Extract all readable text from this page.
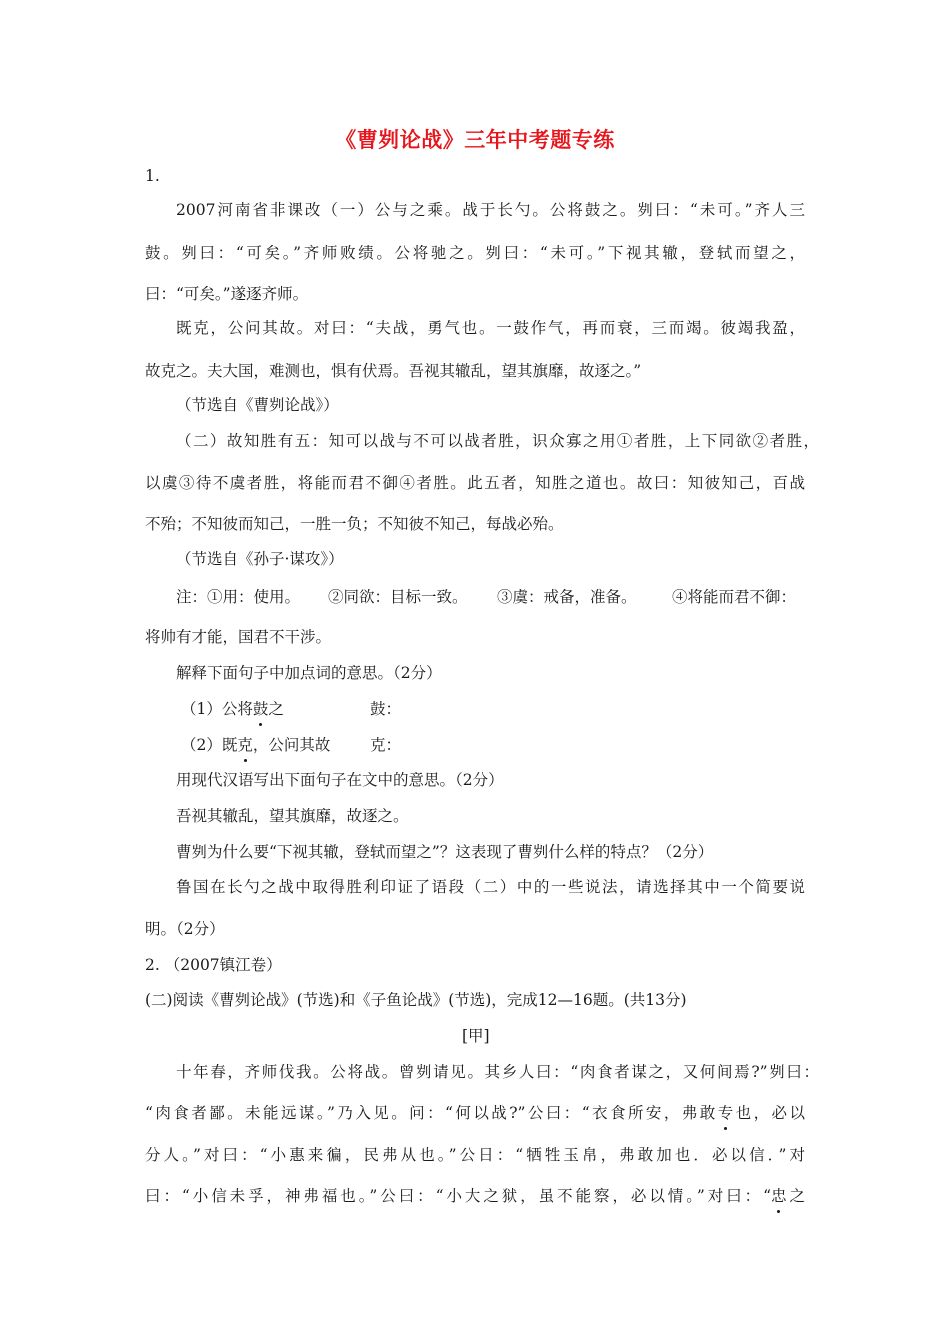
《曹刿论战》三年中考题专练
1.
2007河南省非课改（一）公与之乘。战于长勺。公将鼓之。刿曰：“未可。”齐人三
鼓。刿曰：“可矣。”齐师败绩。公将驰之。刿曰：“未可。”下视其辙，登轼而望之，
曰：“可矣。”遂逐齐师。
既克，公问其故。对曰：“夫战，勇气也。一鼓作气，再而衰，三而竭。彼竭我盈，
故克之。夫大国，难测也，惧有伏焉。吾视其辙乱，望其旗靡，故逐之。”
（节选自《曹刿论战》）
（二）故知胜有五：知可以战与不可以战者胜，识众寡之用①者胜，上下同欲②者胜，
以虞③待不虞者胜，将能而君不御④者胜。此五者，知胜之道也。故曰：知彼知己，百战
不殆；不知彼而知己，一胜一负；不知彼不知己，每战必殆。
（节选自《孙子·谋攻》）
注：①用：使用。 ②同欲：目标一致。 ③虞：戒备，准备。 ④将能而君不御：
将帅有才能，国君不干涉。
解释下面句子中加点词的意思。（2分）
（1）公将鼓之	鼓：
（2）既克，公问其故	克：
用现代汉语写出下面句子在文中的意思。（2分）
吾视其辙乱，望其旗靡，故逐之。
曹刿为什么要“下视其辙，登轼而望之”？这表现了曹刿什么样的特点？（2分）
鲁国在长勺之战中取得胜利印证了语段（二）中的一些说法，请选择其中一个简要说
明。（2分）
2. （2007镇江卷）
(二)阅读《曹刿论战》(节选)和《子鱼论战》(节选)，完成12—16题。(共13分)
[甲]
十年春，齐师伐我。公将战。曾刿请见。其乡人曰：“肉食者谋之，又何间焉?”刿曰：
“肉食者鄙。未能远谋。”乃入见。问：“何以战?”公曰：“衣食所安，弗敢专也，必以
分人。”对曰：“小惠来徧，民弗从也。”公日：“牺牲玉帛，弗敢加也．必以信．”对
曰：“小信未孚，神弗福也。”公曰：“小大之狱，虽不能察，必以情。”对曰：“忠之
